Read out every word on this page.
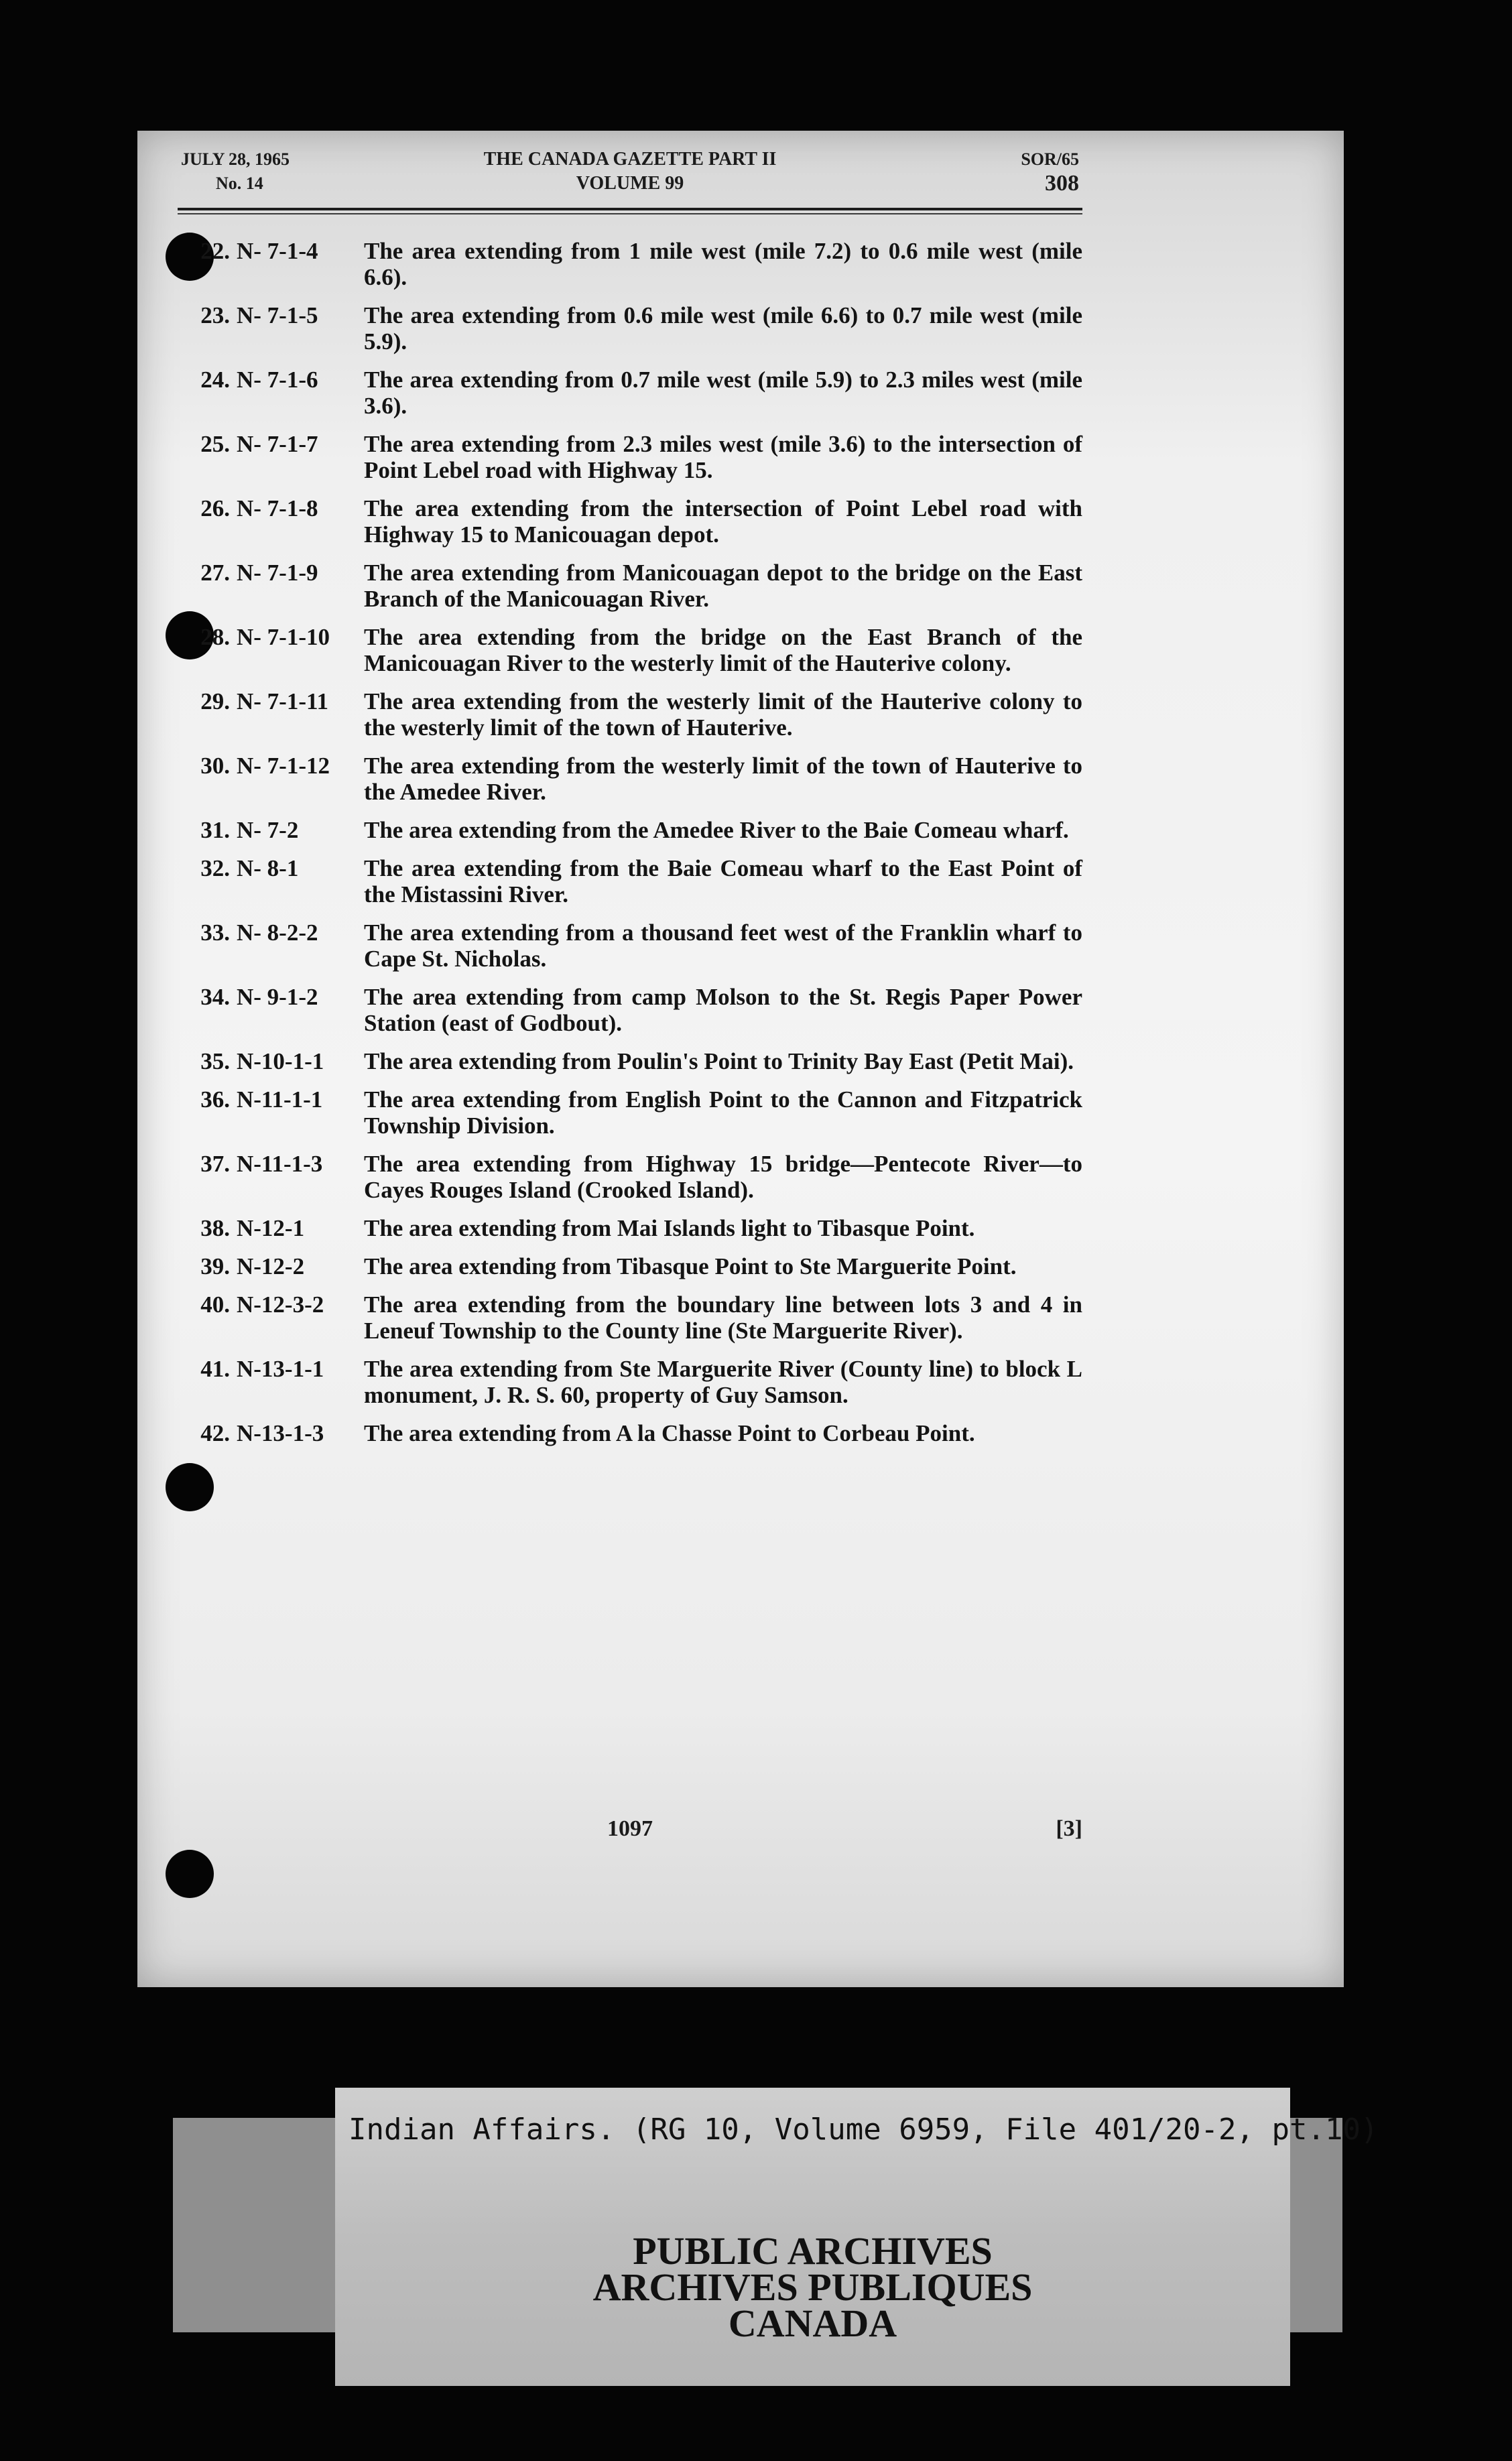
JULY 28, 1965
No. 14
THE CANADA GAZETTE PART II
VOLUME 99
SOR/65
308
22. N- 7-1-4	The area extending from 1 mile west (mile 7.2) to 0.6 mile west (mile 6.6).
23. N- 7-1-5	The area extending from 0.6 mile west (mile 6.6) to 0.7 mile west (mile 5.9).
24. N- 7-1-6	The area extending from 0.7 mile west (mile 5.9) to 2.3 miles west (mile 3.6).
25. N- 7-1-7	The area extending from 2.3 miles west (mile 3.6) to the intersection of Point Lebel road with Highway 15.
26. N- 7-1-8	The area extending from the intersection of Point Lebel road with Highway 15 to Manicouagan depot.
27. N- 7-1-9	The area extending from Manicouagan depot to the bridge on the East Branch of the Manicouagan River.
28. N- 7-1-10	The area extending from the bridge on the East Branch of the Manicouagan River to the westerly limit of the Hauterive colony.
29. N- 7-1-11	The area extending from the westerly limit of the Hauterive colony to the westerly limit of the town of Hauterive.
30. N- 7-1-12	The area extending from the westerly limit of the town of Hauterive to the Amedee River.
31. N- 7-2	The area extending from the Amedee River to the Baie Comeau wharf.
32. N- 8-1	The area extending from the Baie Comeau wharf to the East Point of the Mistassini River.
33. N- 8-2-2	The area extending from a thousand feet west of the Franklin wharf to Cape St. Nicholas.
34. N- 9-1-2	The area extending from camp Molson to the St. Regis Paper Power Station (east of Godbout).
35. N-10-1-1	The area extending from Poulin's Point to Trinity Bay East (Petit Mai).
36. N-11-1-1	The area extending from English Point to the Cannon and Fitzpatrick Township Division.
37. N-11-1-3	The area extending from Highway 15 bridge—Pentecote River—to Cayes Rouges Island (Crooked Island).
38. N-12-1	The area extending from Mai Islands light to Tibasque Point.
39. N-12-2	The area extending from Tibasque Point to Ste Marguerite Point.
40. N-12-3-2	The area extending from the boundary line between lots 3 and 4 in Leneuf Township to the County line (Ste Marguerite River).
41. N-13-1-1	The area extending from Ste Marguerite River (County line) to block L monument, J. R. S. 60, property of Guy Samson.
42. N-13-1-3	The area extending from A la Chasse Point to Corbeau Point.
1097	[3]
Indian Affairs. (RG 10, Volume 6959, File 401/20-2, pt.10)
PUBLIC ARCHIVES
ARCHIVES PUBLIQUES
CANADA
